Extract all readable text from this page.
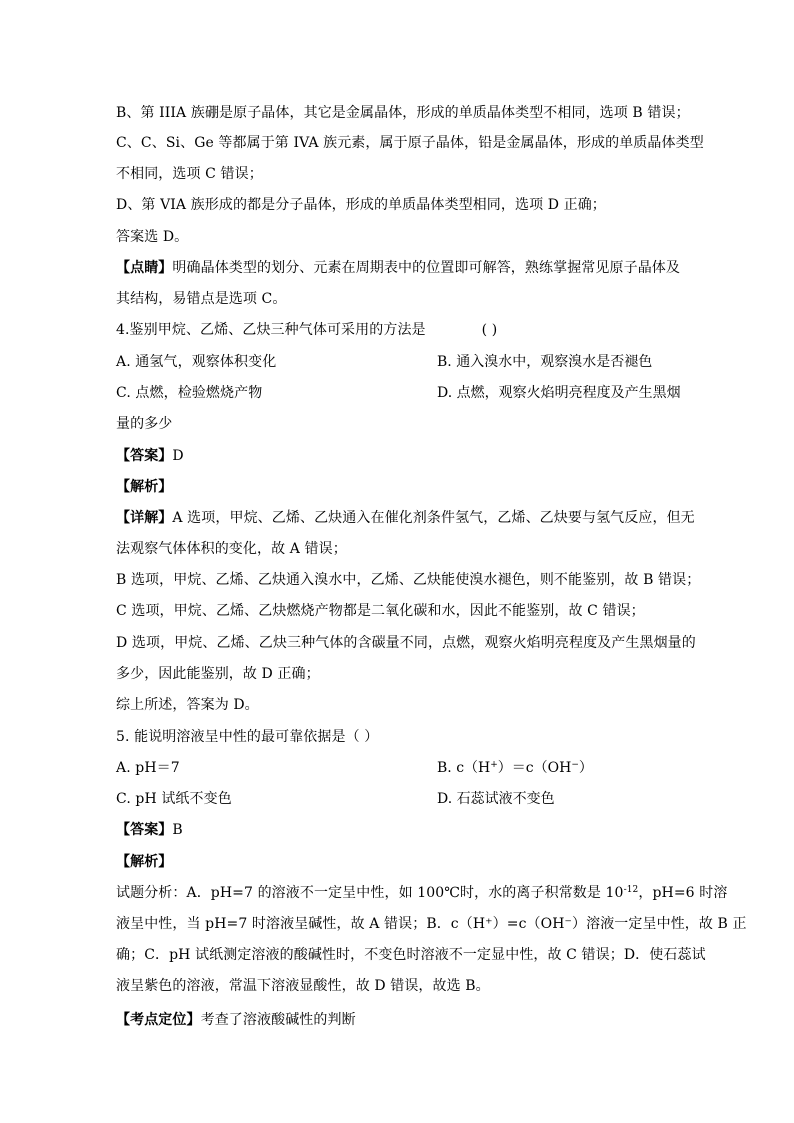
B、第 IIIA 族硼是原子晶体，其它是金属晶体，形成的单质晶体类型不相同，选项 B 错误；
C、C、Si、Ge 等都属于第 IVA 族元素，属于原子晶体，铅是金属晶体，形成的单质晶体类型
不相同，选项 C 错误；
D、第 VIA 族形成的都是分子晶体，形成的单质晶体类型相同，选项 D 正确；
答案选 D。
【点睛】明确晶体类型的划分、元素在周期表中的位置即可解答，熟练掌握常见原子晶体及
其结构，易错点是选项 C。
4.鉴别甲烷、乙烯、乙炔三种气体可采用的方法是	( )
A. 通氢气，观察体积变化	B. 通入溴水中，观察溴水是否褪色
C. 点燃，检验燃烧产物	D. 点燃，观察火焰明亮程度及产生黑烟
量的多少
【答案】D
【解析】
【详解】A 选项，甲烷、乙烯、乙炔通入在催化剂条件氢气，乙烯、乙炔要与氢气反应，但无
法观察气体体积的变化，故 A 错误；
B 选项，甲烷、乙烯、乙炔通入溴水中，乙烯、乙炔能使溴水褪色，则不能鉴别，故 B 错误；
C 选项，甲烷、乙烯、乙炔燃烧产物都是二氧化碳和水，因此不能鉴别，故 C 错误；
D 选项，甲烷、乙烯、乙炔三种气体的含碳量不同，点燃，观察火焰明亮程度及产生黑烟量的
多少，因此能鉴别，故 D 正确；
综上所述，答案为 D。
5. 能说明溶液呈中性的最可靠依据是（ ）
A. pH＝7	B. c（H+）＝c（OH−）
C. pH 试纸不变色	D. 石蕊试液不变色
【答案】B
【解析】
试题分析：A．pH=7 的溶液不一定呈中性，如 100℃时，水的离子积常数是 $10^{-12}$，pH=6 时溶
液呈中性，当 pH=7 时溶液呈碱性，故 A 错误；B．c（H⁺）=c（OH⁻）溶液一定呈中性，故 B 正
确；C．pH 试纸测定溶液的酸碱性时，不变色时溶液不一定显中性，故 C 错误；D．使石蕊试
液呈紫色的溶液，常温下溶液显酸性，故 D 错误，故选 B。
【考点定位】考查了溶液酸碱性的判断
